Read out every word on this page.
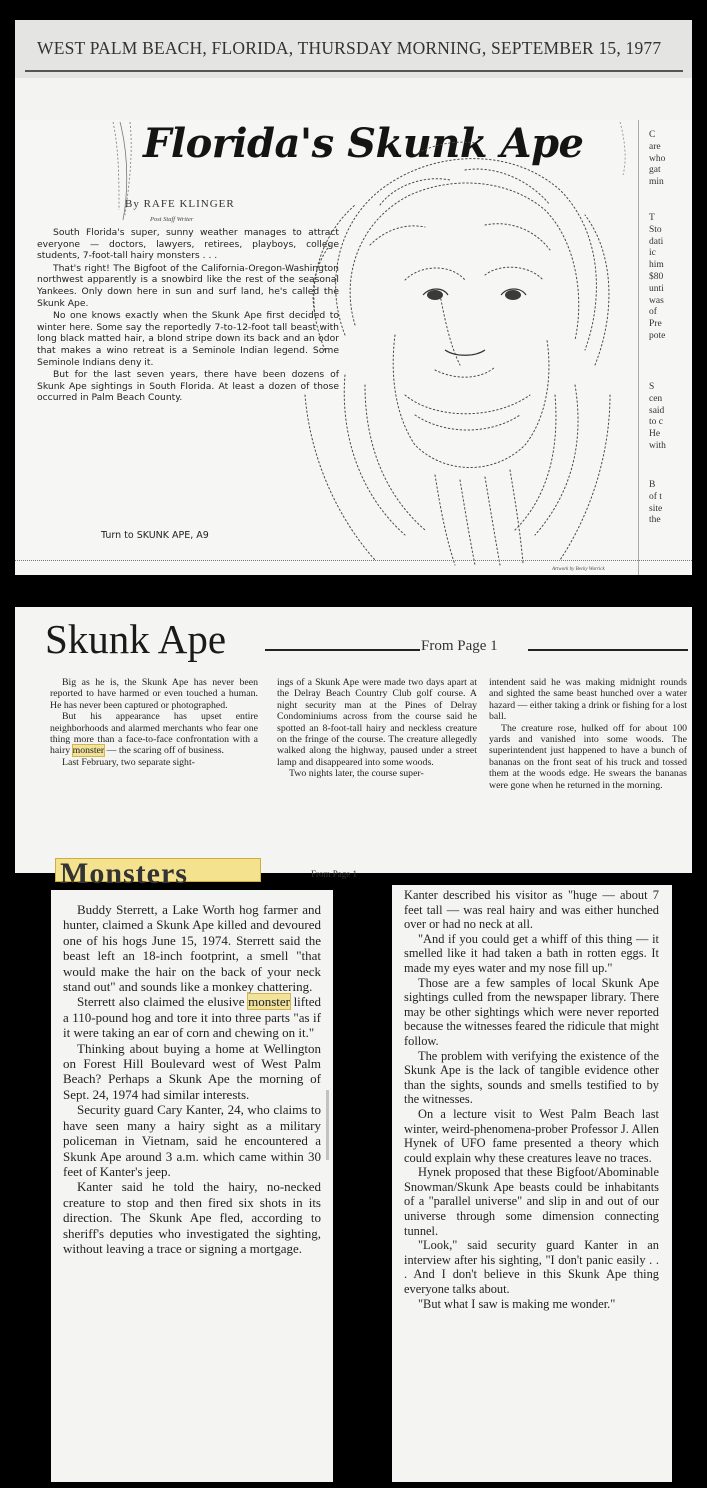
WEST PALM BEACH, FLORIDA, THURSDAY MORNING, SEPTEMBER 15, 1977
Florida's Skunk Ape
By RAFE KLINGER
Post Staff Writer

South Florida's super, sunny weather manages to attract everyone — doctors, lawyers, retirees, playboys, college students, 7-foot-tall hairy monsters . . .

That's right! The Bigfoot of the California-Oregon-Washington northwest apparently is a snowbird like the rest of the seasonal Yankees. Only down here in sun and surf land, he's called the Skunk Ape.

No one knows exactly when the Skunk Ape first decided to winter here. Some say the reportedly 7-to-12-foot tall beast with long black matted hair, a blond stripe down its back and an odor that makes a wino retreat is a Seminole Indian legend. Some Seminole Indians deny it.

But for the last seven years, there have been dozens of Skunk Ape sightings in South Florida. At least a dozen of those occurred in Palm Beach County.

Turn to SKUNK APE, A9
Artwork by Becky Warrick
C
are
who
gat
min
T
Sto
dati
ic
him
$80
unti
was
of
Pre
pote
S
cen
said
to c
He
with
B
of t
site
the
Skunk Ape	From Page 1

Big as he is, the Skunk Ape has never been reported to have harmed or even touched a human. He has never been captured or photographed.

But his appearance has upset entire neighborhoods and alarmed merchants who fear one thing more than a face-to-face confrontation with a hairy monster — the scaring off of business.

Last February, two separate sight-

ings of a Skunk Ape were made two days apart at the Delray Beach Country Club golf course. A night security man at the Pines of Delray Condominiums across from the course said he spotted an 8-foot-tall hairy and neckless creature on the fringe of the course. The creature allegedly walked along the highway, paused under a street lamp and disappeared into some woods.

Two nights later, the course super-

intendent said he was making midnight rounds and sighted the same beast hunched over a water hazard — either taking a drink or fishing for a lost ball.

The creature rose, hulked off for about 100 yards and vanished into some woods. The superintendent just happened to have a bunch of bananas on the front seat of his truck and tossed them at the woods edge. He swears the bananas were gone when he returned in the morning.

Monsters	From Page 1

Buddy Sterrett, a Lake Worth hog farmer and hunter, claimed a Skunk Ape killed and devoured one of his hogs June 15, 1974. Sterrett said the beast left an 18-inch footprint, a smell "that would make the hair on the back of your neck stand out" and sounds like a monkey chattering.

Sterrett also claimed the elusive monster lifted a 110-pound hog and tore it into three parts "as if it were taking an ear of corn and chewing on it."

Thinking about buying a home at Wellington on Forest Hill Boulevard west of West Palm Beach? Perhaps a Skunk Ape the morning of Sept. 24, 1974 had similar interests.

Security guard Cary Kanter, 24, who claims to have seen many a hairy sight as a military policeman in Vietnam, said he encountered a Skunk Ape around 3 a.m. which came within 30 feet of Kanter's jeep.

Kanter said he told the hairy, no-necked creature to stop and then fired six shots in its direction. The Skunk Ape fled, according to sheriff's deputies who investigated the sighting, without leaving a trace or signing a mortgage.

Kanter described his visitor as "huge — about 7 feet tall — was real hairy and was either hunched over or had no neck at all.

"And if you could get a whiff of this thing — it smelled like it had taken a bath in rotten eggs. It made my eyes water and my nose fill up."

Those are a few samples of local Skunk Ape sightings culled from the newspaper library. There may be other sightings which were never reported because the witnesses feared the ridicule that might follow.

The problem with verifying the existence of the Skunk Ape is the lack of tangible evidence other than the sights, sounds and smells testified to by the witnesses.

On a lecture visit to West Palm Beach last winter, weird-phenomena-prober Professor J. Allen Hynek of UFO fame presented a theory which could explain why these creatures leave no traces.

Hynek proposed that these Bigfoot/Abominable Snowman/Skunk Ape beasts could be inhabitants of a "parallel universe" and slip in and out of our universe through some dimension connecting tunnel.

"Look," said security guard Kanter in an interview after his sighting, "I don't panic easily . . . And I don't believe in this Skunk Ape thing everyone talks about.

"But what I saw is making me wonder."
